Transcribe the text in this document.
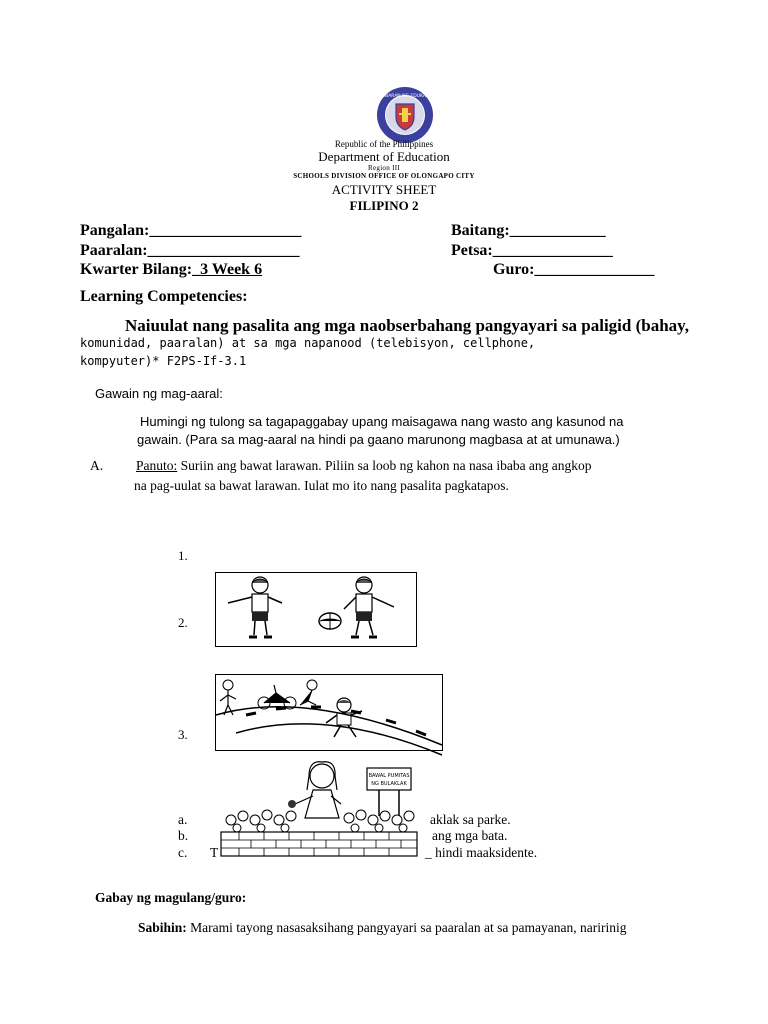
KAGAWARAN NG EDUKASYON
Republic of the Philippines
Department of Education
Region III
SCHOOLS DIVISION OFFICE OF OLONGAPO CITY
ACTIVITY SHEET
FILIPINO 2
Pangalan:___________________	Baitang:____________
Paaralan:___________________	Petsa:_______________
Kwarter Bilang:_3 Week 6	Guro:_______________
Learning Competencies:
Naiuulat nang pasalita ang mga naobserbahang pangyayari sa paligid (bahay,
komunidad, paaralan) at sa mga napanood (telebisyon, cellphone,
kompyuter)* F2PS-If-3.1
Gawain ng mag-aaral:
Humingi ng tulong sa tagapaggabay upang maisagawa nang wasto ang kasunod na
gawain. (Para sa mag-aaral na hindi pa gaano marunong magbasa at at umunawa.)
A. Panuto: Suriin ang bawat larawan. Piliin sa loob ng kahon na nasa ibaba ang angkop
na pag-uulat sa bawat larawan. Iulat mo ito nang pasalita pagkatapos.
1.
2.
3.
BAWAL PUMITAS
NG BULAKLAK
a.	aklak sa parke.
b.	ang mga bata.
c. T	_ hindi maaksidente.
Gabay ng magulang/guro:
Sabihin: Marami tayong nasasaksihang pangyayari sa paaralan at sa pamayanan, naririnig
